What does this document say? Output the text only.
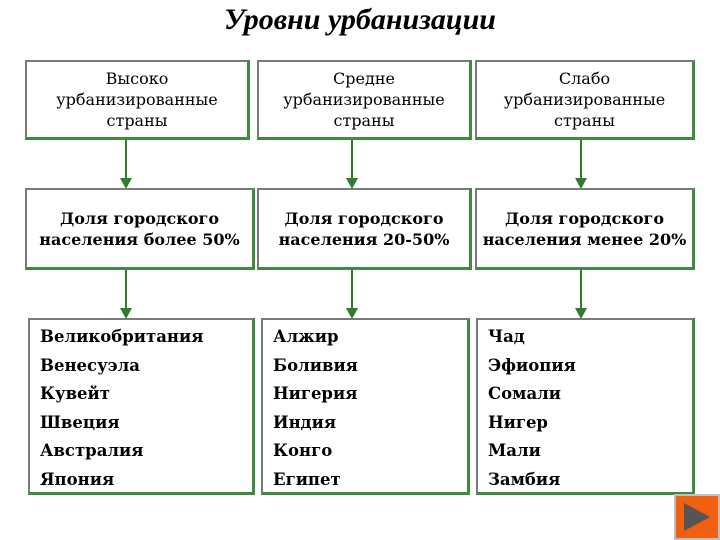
Уровни урбанизации
Высоко урбанизированные страны
Средне урбанизированные страны
Слабо урбанизированные страны
Доля городского населения более 50%
Доля городского населения 20-50%
Доля городского населения менее 20%
Великобритания
Венесуэла
Кувейт
Швеция
Австралия
Япония
Алжир
Боливия
Нигерия
Индия
Конго
Египет
Чад
Эфиопия
Сомали
Нигер
Мали
Замбия
